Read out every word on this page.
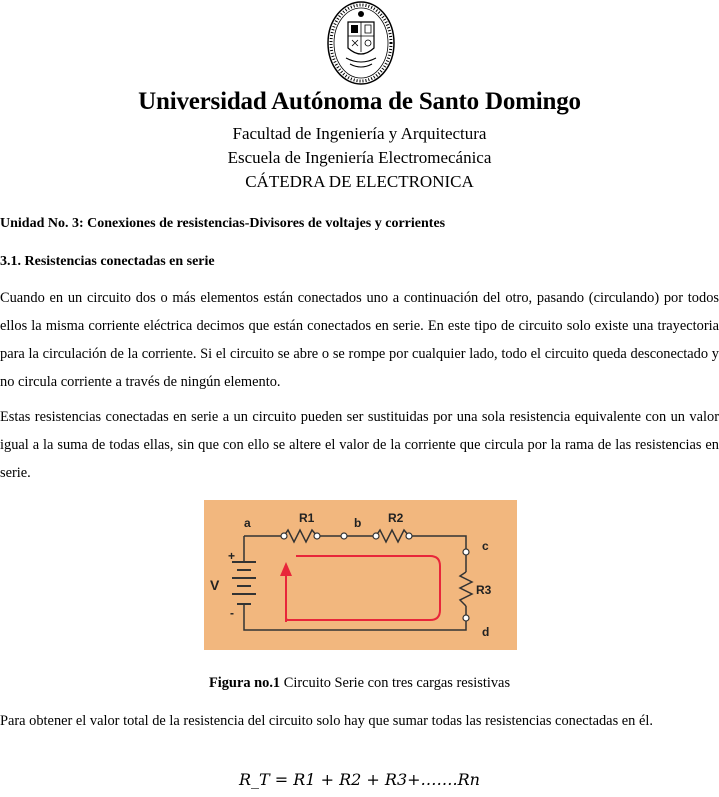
Universidad Autónoma de Santo Domingo
Facultad de Ingeniería y Arquitectura
Escuela de Ingeniería Electromecánica
CÁTEDRA DE ELECTRONICA
Unidad No. 3: Conexiones de resistencias-Divisores de voltajes y corrientes
3.1. Resistencias conectadas en serie

Cuando en un circuito dos o más elementos están conectados uno a continuación del otro, pasando (circulando) por todos ellos la misma corriente eléctrica decimos que están conectados en serie. En este tipo de circuito solo existe una trayectoria para la circulación de la corriente. Si el circuito se abre o se rompe por cualquier lado, todo el circuito queda desconectado y no circula corriente a través de ningún elemento.

Estas resistencias conectadas en serie a un circuito pueden ser sustituidas por una sola resistencia equivalente con un valor igual a la suma de todas ellas, sin que con ello se altere el valor de la corriente que circula por la rama de las resistencias en serie.

R1	R2
R3
a	b
c
d
V
+
-
Figura no.1 Circuito Serie con tres cargas resistivas

Para obtener el valor total de la resistencia del circuito solo hay que sumar todas las resistencias conectadas en él.

R_T = R1 + R2 + R3+…….Rn
